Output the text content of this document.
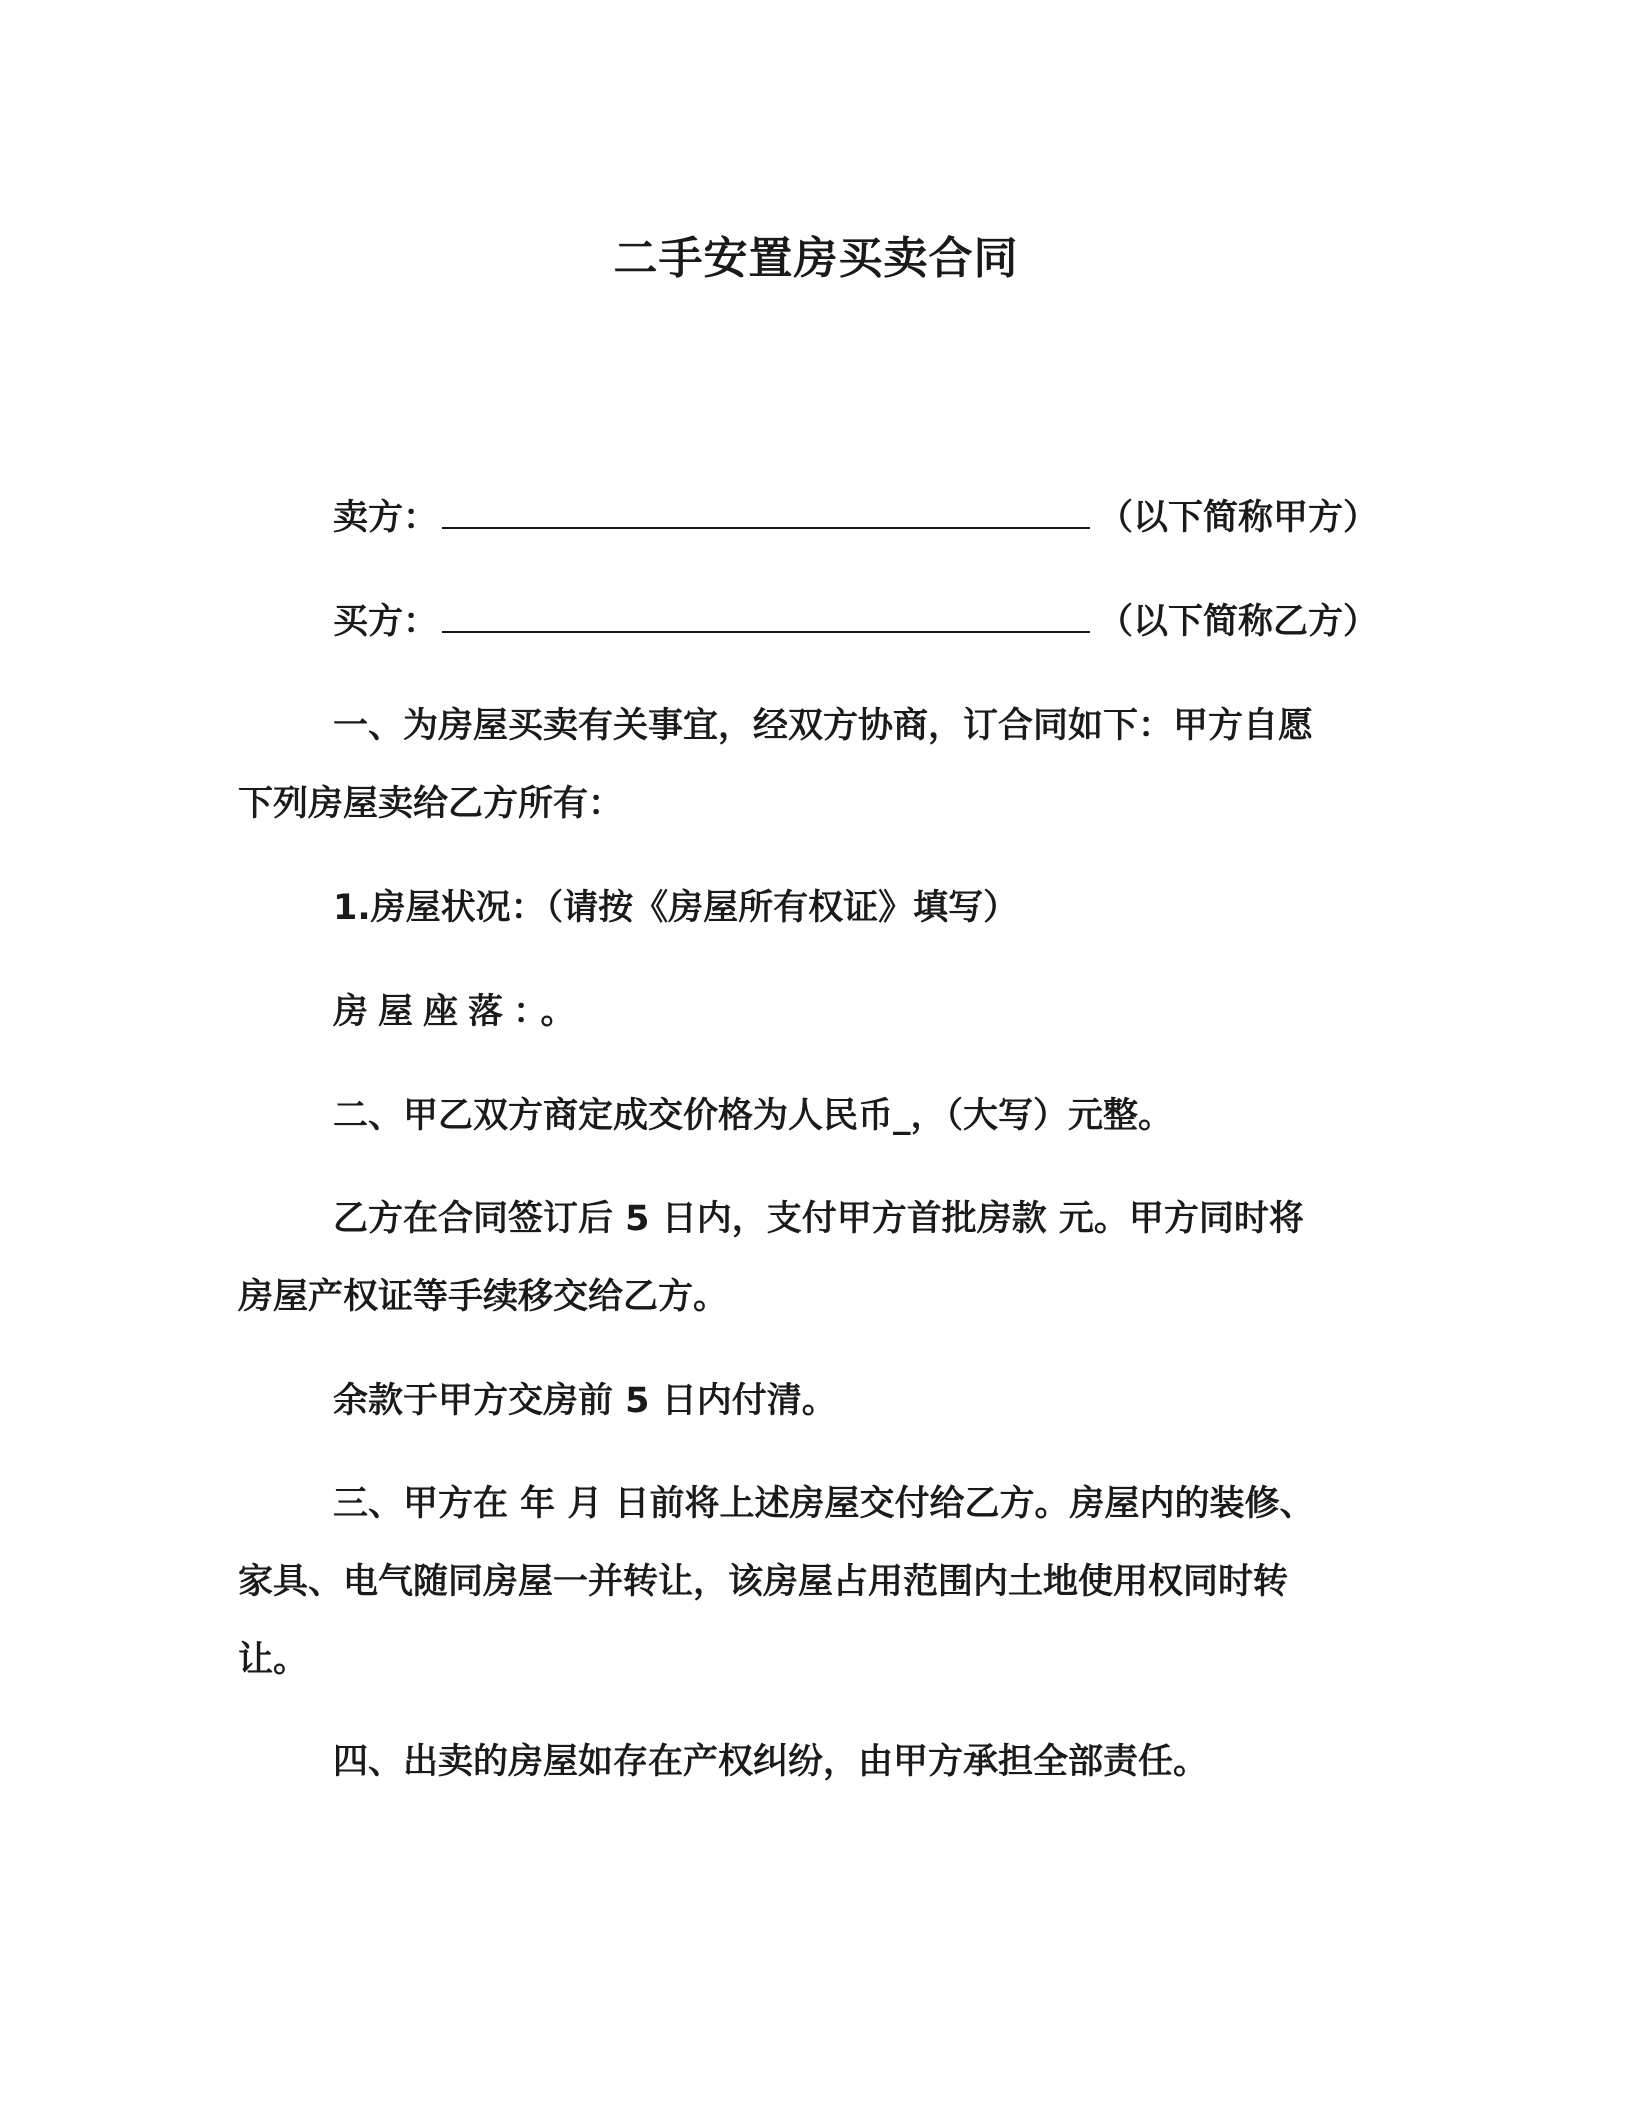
二手安置房买卖合同
卖方：	（以下简称甲方）
买方：	（以下简称乙方）
一、为房屋买卖有关事宜，经双方协商，订合同如下：甲方自愿
下列房屋卖给乙方所有：
1.房屋状况：（请按《房屋所有权证》填写）
房屋座落：。
二、甲乙双方商定成交价格为人民币_，（大写）元整。
乙方在合同签订后 5 日内，支付甲方首批房款 元。甲方同时将
房屋产权证等手续移交给乙方。
余款于甲方交房前 5 日内付清。
三、甲方在 年 月 日前将上述房屋交付给乙方。房屋内的装修、
家具、电气随同房屋一并转让，该房屋占用范围内土地使用权同时转
让。
四、出卖的房屋如存在产权纠纷，由甲方承担全部责任。
